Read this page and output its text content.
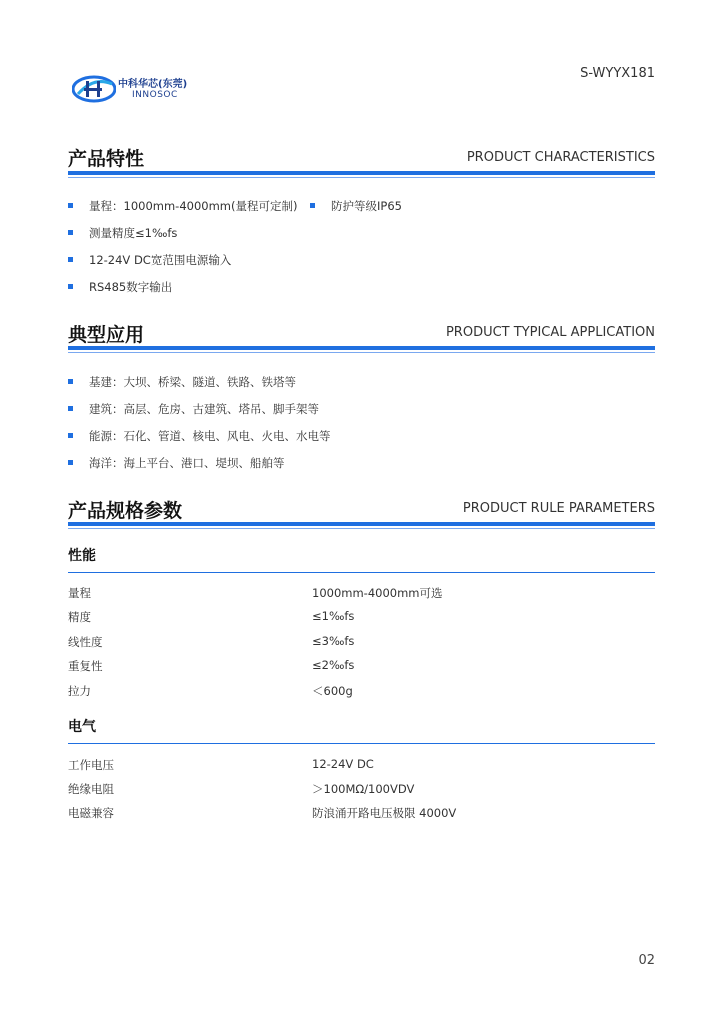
中科华芯(东莞)
INNOSOC
S-WYYX181
产品特性	PRODUCT CHARACTERISTICS
量程：1000mm-4000mm(量程可定制)	防护等级IP65
测量精度≤1‰fs
12-24V DC宽范围电源输入
RS485数字输出
典型应用	PRODUCT TYPICAL APPLICATION
基建：大坝、桥梁、隧道、铁路、铁塔等
建筑：高层、危房、古建筑、塔吊、脚手架等
能源：石化、管道、核电、风电、火电、水电等
海洋：海上平台、港口、堤坝、船舶等
产品规格参数	PRODUCT RULE PARAMETERS
性能
量程	1000mm-4000mm可选
精度	≤1‰fs
线性度	≤3‰fs
重复性	≤2‰fs
拉力	＜600g
电气
工作电压	12-24V DC
绝缘电阻	＞100MΩ/100VDV
电磁兼容	防浪涌开路电压极限 4000V
02
